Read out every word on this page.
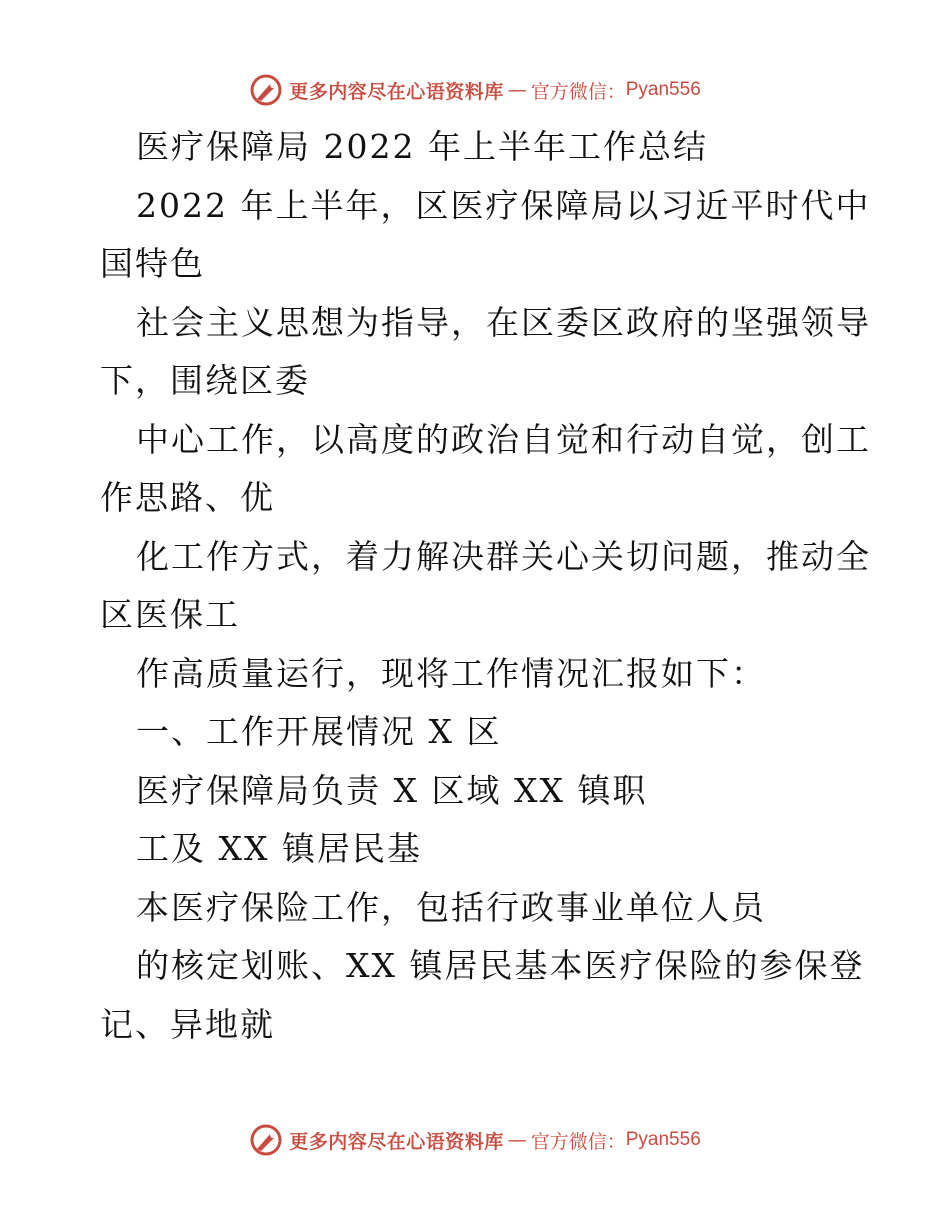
更多内容尽在心语资料库 — 官方微信： Pyan556
医疗保障局 2022 年上半年工作总结
2022 年上半年，区医疗保障局以习近平时代中
国特色
社会主义思想为指导，在区委区政府的坚强领导
下，围绕区委
中心工作，以高度的政治自觉和行动自觉，创工
作思路、优
化工作方式，着力解决群关心关切问题，推动全
区医保工
作高质量运行，现将工作情况汇报如下：
一、工作开展情况 X 区
医疗保障局负责 X 区域 XX 镇职
工及 XX 镇居民基
本医疗保险工作，包括行政事业单位人员
的核定划账、XX 镇居民基本医疗保险的参保登
记、异地就
更多内容尽在心语资料库 — 官方微信： Pyan556
